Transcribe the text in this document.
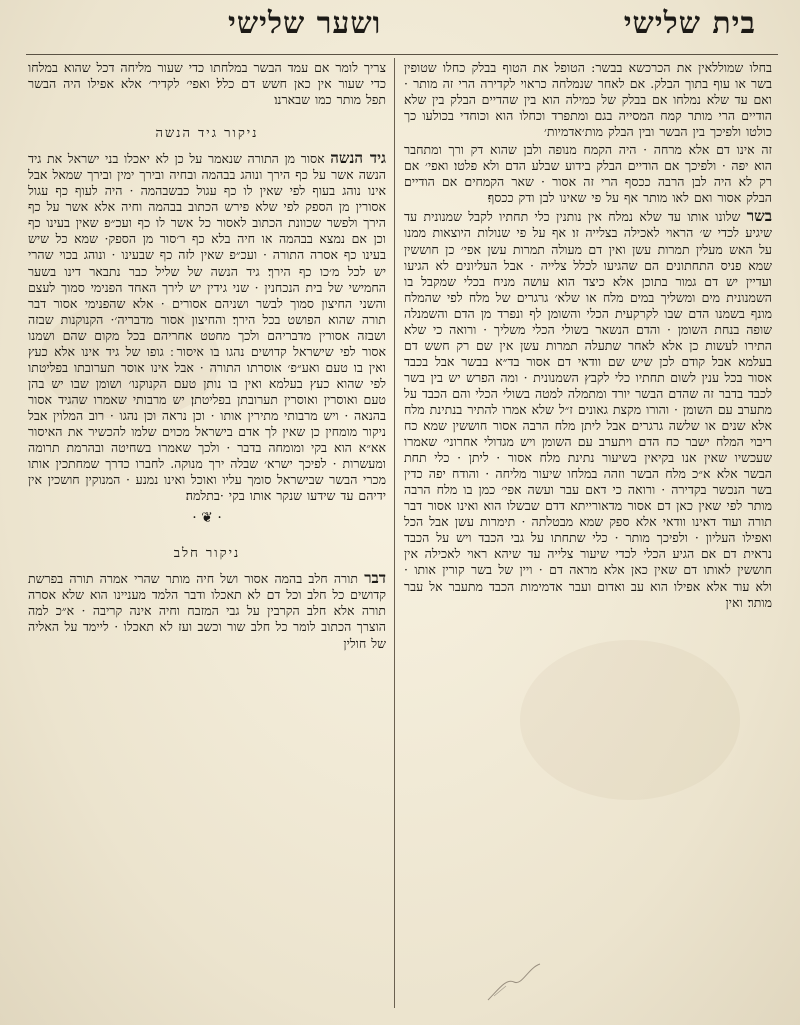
בית שלישי
ושער שלישי

בחלו שמוללאין את הכרכשא בבשר: הטופל את הטוף בבלק כחלו שטופין בשר או עוף בתוך הבלק. אם לאחר שנמלחה כראוי לקדירה הרי זה מותר · ואם עד שלא נמלחו אם בבלק של כמילה הוא בין שהדיים הבלק בין שלא הודיים הרי מותר קמח המסייה בגם ומתפרד וכחלו הוא וכוחדי בכולעו כך כולטו ולפיכך בין הבשר ובין הבלק מות׳אדמיות׳

זה אינו דם אלא מרחה · היה הקמח מנופה ולבן שהוא דק ורך ומתחבר הוא יפה · ולפיכך אם הודיים הבלק בידוע שבלע הדם ולא פלטו׃ ואפי׳ אם רק לא היה לבן הרבה ככסף הרי זה אסור · שאר הקמחים אם הודיים הבלק אסור ואם לאו מותר אף על פי שאינו לבן ודק ככסף׃

בשר שלונו אותו עד שלא נמלח אין נותנין כלי תחתיו לקבל שמנונית עד שיגיע לכדי ש׳ הראוי לאכילה בצלייה זו׃ אף על פי שנולות היוצאות ממנו על האש מעלין תמרות עשן ואין דם מעולה תמרות עשן אפי׳ כן חוששין שמא פניס התחתונים הם שהגיעו לכלל צלייה · אבל העליונים לא הגיעו ועדיין יש דם גמור בתוכן אלא כיצד הוא עושה מניח בכלי שמקבל בו השמנונית מים ומשליך במים מלח או שלא׳ גרגרים של מלח לפי שהמלח מונף בשמנו הדם שבו לקרקעית הכלי והשומן לף ונפרד מן הדם והשמנלה שופה בנחת השומן · והדם הנשאר בשולי הכלי משליך · ורואה כי שלא התירו לעשות כן אלא לאחר שתעלה תמרות עשן אין שם רק חשש דם בעלמא אבל קודם לכן שיש שם וודאי דם אסור בד״א בבשר אבל בכבד אסור בכל ענין לשום תחתיו כלי לקבץ השמנונית · ומה הפרש יש בין בשר לכבד בדבר זה שהדם הבשר יורד ומתמלה למטה בשולי הכלי והם הכבד על מתערב עם השומן · והורו מקצת גאונים ז״ל שלא אמרו להתיר בנתינת מלח אלא שנים או שלשה גרגרים אבל ליתן מלח הרבה אסור חוששין שמא כח ריבוי המלח ישבר כח הדם ויתערב עם השומן ויש מגדולי אחרוני׳ שאמרו שעכשיו שאין אנו בקיאין בשיעור נתינת מלח אסור · ליתן · כלי תחת הבשר אלא א״כ מלח הבשר וזהה במלחו שיעור מליחה · והודח יפה כדין בשר הנכשר בקדירה · ורואה כי דאם עבר ועשה אפי׳ כמן בו מלח הרבה מותר לפי שאין כאן דם אסור מדאורייתא דדם שבשלו הוא ואינו אסור דבר תורה ועוד דאינו וודאי אלא ספק שמא מבטלתה · תימרות עשן אבל הכל ואפילו העליון · ולפיכך מותר · כלי שתחתו על גבי הכבד ויש על הכבד נראית דם אם הגיע הכלי לכדי שיעור צלייה עד שיהא ראוי לאכילה אין חוששין לאותו דם שאין כאן אלא מראה דם · ויין של בשר קורין אותו · ולא עוד אלא אפילו הוא עב ואדום ועבר אדמימות הכבד מתעבר אל עבר מותר׃ ואין

צריך לומר אם עמד הבשר במלחתו כדי שעור מליחה דכל שהוא במלחו כדי שעור אין כאן חשש דם כלל׃ ואפי׳ לקדיר׳ אלא אפילו היה הבשר תפל מותר כמו שבארנו׃

ניקור גיד הנשה

גיד הנשה אסור מן התורה שנאמר על כן לא יאכלו בני ישראל את גיד הנשה אשר על כף הירך ונוהג בבהמה ובחיה ובירך ימין ובירך שמאל אבל אינו נוהג בעוף לפי שאין לו כף עגול כבשבהמה · היה לעוף כף עגול אסורין מן הספק לפי שלא פירש הכתוב בבהמה וחיה אלא אשר על כף הירך ולפשר שכוונת הכתוב לאסור כל אשר לו כף ועכ״פ שאין בעינו כף וכן אם נמצא בבהמה או חיה בלא כף ר׳סור מן הספק· שמא כל שיש בעינו כף אסרה התורה · ועכ״פ שאין לזה כף שבעינו · ונוהג בכוי שהרי יש לכל מ׳כו כף הירך׃ גיד הנשה של שליל כבר נתבאר דינו בשער החמישי של בית הנכחנין · שני גידין יש לירך האחד הפנימי סמוך לעצם והשני החיצון סמוך לבשר ושניהם אסורים · אלא שהפנימי אסור דבר תורה שהוא הפושט בכל הירך׃ והחיצון אסור מדבריה׳· הקנוקנות שבזה ושבזה אסורין מדבריהם ולכך מחטט אחריהם בכל מקום שהם ושמנו אסור לפי שישראל קדושים נהגו בו איסור ׃ גופו של גיד אינו אלא כעץ ואין בו טעם ואע״פ׳ אוסרתו התורה · אבל אינו אוסר תערובתו בפליטתו לפי שהוא כעץ בעלמא ואין בו נותן טעם הקנוקנו׳ ושומן שבו יש בהן טעם ואוסרין ואוסרין תערובתן בפליטתן׃ יש מרבותי שאמרו שהגיד אסור בהנאה · ויש מרבותי מתירין אותו · וכן נראה וכן נהגו · רוב המלוין אבל ניקור מומחין כן שאין לך אדם בישראל מכוים שלמו להכשיר את האיסור אא״א הוא בקי ומומחה בדבר · ולכך שאמרו בשחיטה ובהרמת תרומה ומעשרות · לפיכך ישרא׳ שבלה ירך מנוקה. לחברו כדרך שמחתכין אותו מכרי הבשר שבישראל סומך עליו ואוכל ואינו נמנע · המנוקין חושכין אין ידיהם עד שידעו שנקר אותו בקי ·בתלמה׃

· ❦ ·
ניקור חלב

דבר תורה חלב בהמה אסור ושל חיה מותר שהרי אמרה תורה בפרשת קדושים כל חלב וכל דם לא תאכלו ודבר הלמד מעניינו הוא שלא אסרה תורה אלא חלב הקרבין על גבי המזבח וחיה אינה קריבה · א״כ למה הוצרך הכתוב לומר כל חלב שור וכשב ועז לא תאכלו · ליימד על האליה של חולין
